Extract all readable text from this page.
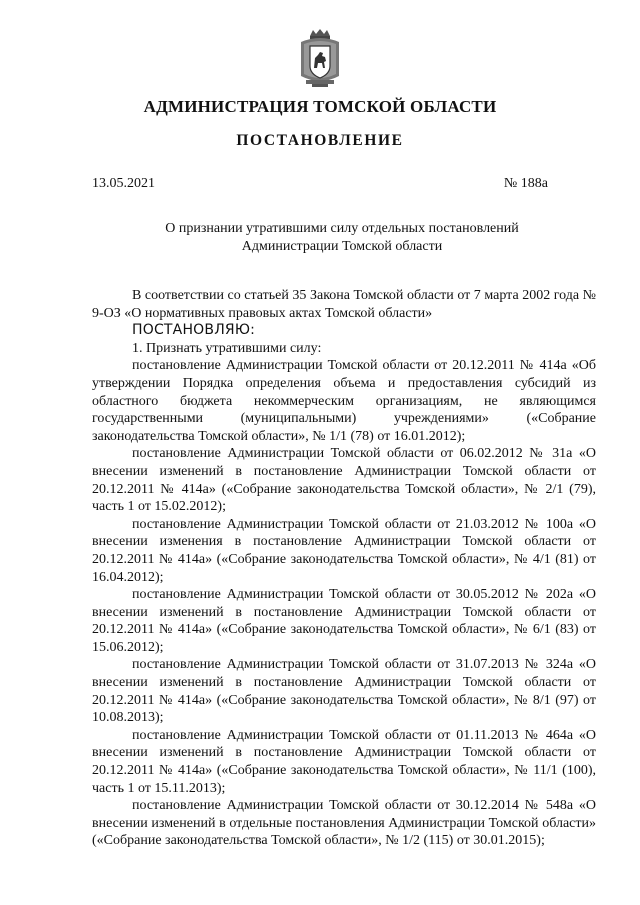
АДМИНИСТРАЦИЯ ТОМСКОЙ ОБЛАСТИ
ПОСТАНОВЛЕНИЕ
13.05.2021	№ 188а
О признании утратившими силу отдельных постановлений
Администрации Томской области

В соответствии со статьей 35 Закона Томской области от 7 марта 2002 года № 9-ОЗ «О нормативных правовых актах Томской области»

ПОСТАНОВЛЯЮ:

1. Признать утратившими силу:

постановление Администрации Томской области от 20.12.2011 № 414а «Об утверждении Порядка определения объема и предоставления субсидий из областного бюджета некоммерческим организациям, не являющимся государственными (муниципальными) учреждениями» («Собрание законодательства Томской области», № 1/1 (78) от 16.01.2012);

постановление Администрации Томской области от 06.02.2012 № 31а «О внесении изменений в постановление Администрации Томской области от 20.12.2011 № 414а» («Собрание законодательства Томской области», № 2/1 (79), часть 1 от 15.02.2012);

постановление Администрации Томской области от 21.03.2012 № 100а «О внесении изменения в постановление Администрации Томской области от 20.12.2011 № 414а» («Собрание законодательства Томской области», № 4/1 (81) от 16.04.2012);

постановление Администрации Томской области от 30.05.2012 № 202а «О внесении изменений в постановление Администрации Томской области от 20.12.2011 № 414а» («Собрание законодательства Томской области», № 6/1 (83) от 15.06.2012);

постановление Администрации Томской области от 31.07.2013 № 324а «О внесении изменений в постановление Администрации Томской области от 20.12.2011 № 414а» («Собрание законодательства Томской области», № 8/1 (97) от 10.08.2013);

постановление Администрации Томской области от 01.11.2013 № 464а «О внесении изменений в постановление Администрации Томской области от 20.12.2011 № 414а» («Собрание законодательства Томской области», № 11/1 (100), часть 1 от 15.11.2013);

постановление Администрации Томской области от 30.12.2014 № 548а «О внесении изменений в отдельные постановления Администрации Томской области» («Собрание законодательства Томской области», № 1/2 (115) от 30.01.2015);
